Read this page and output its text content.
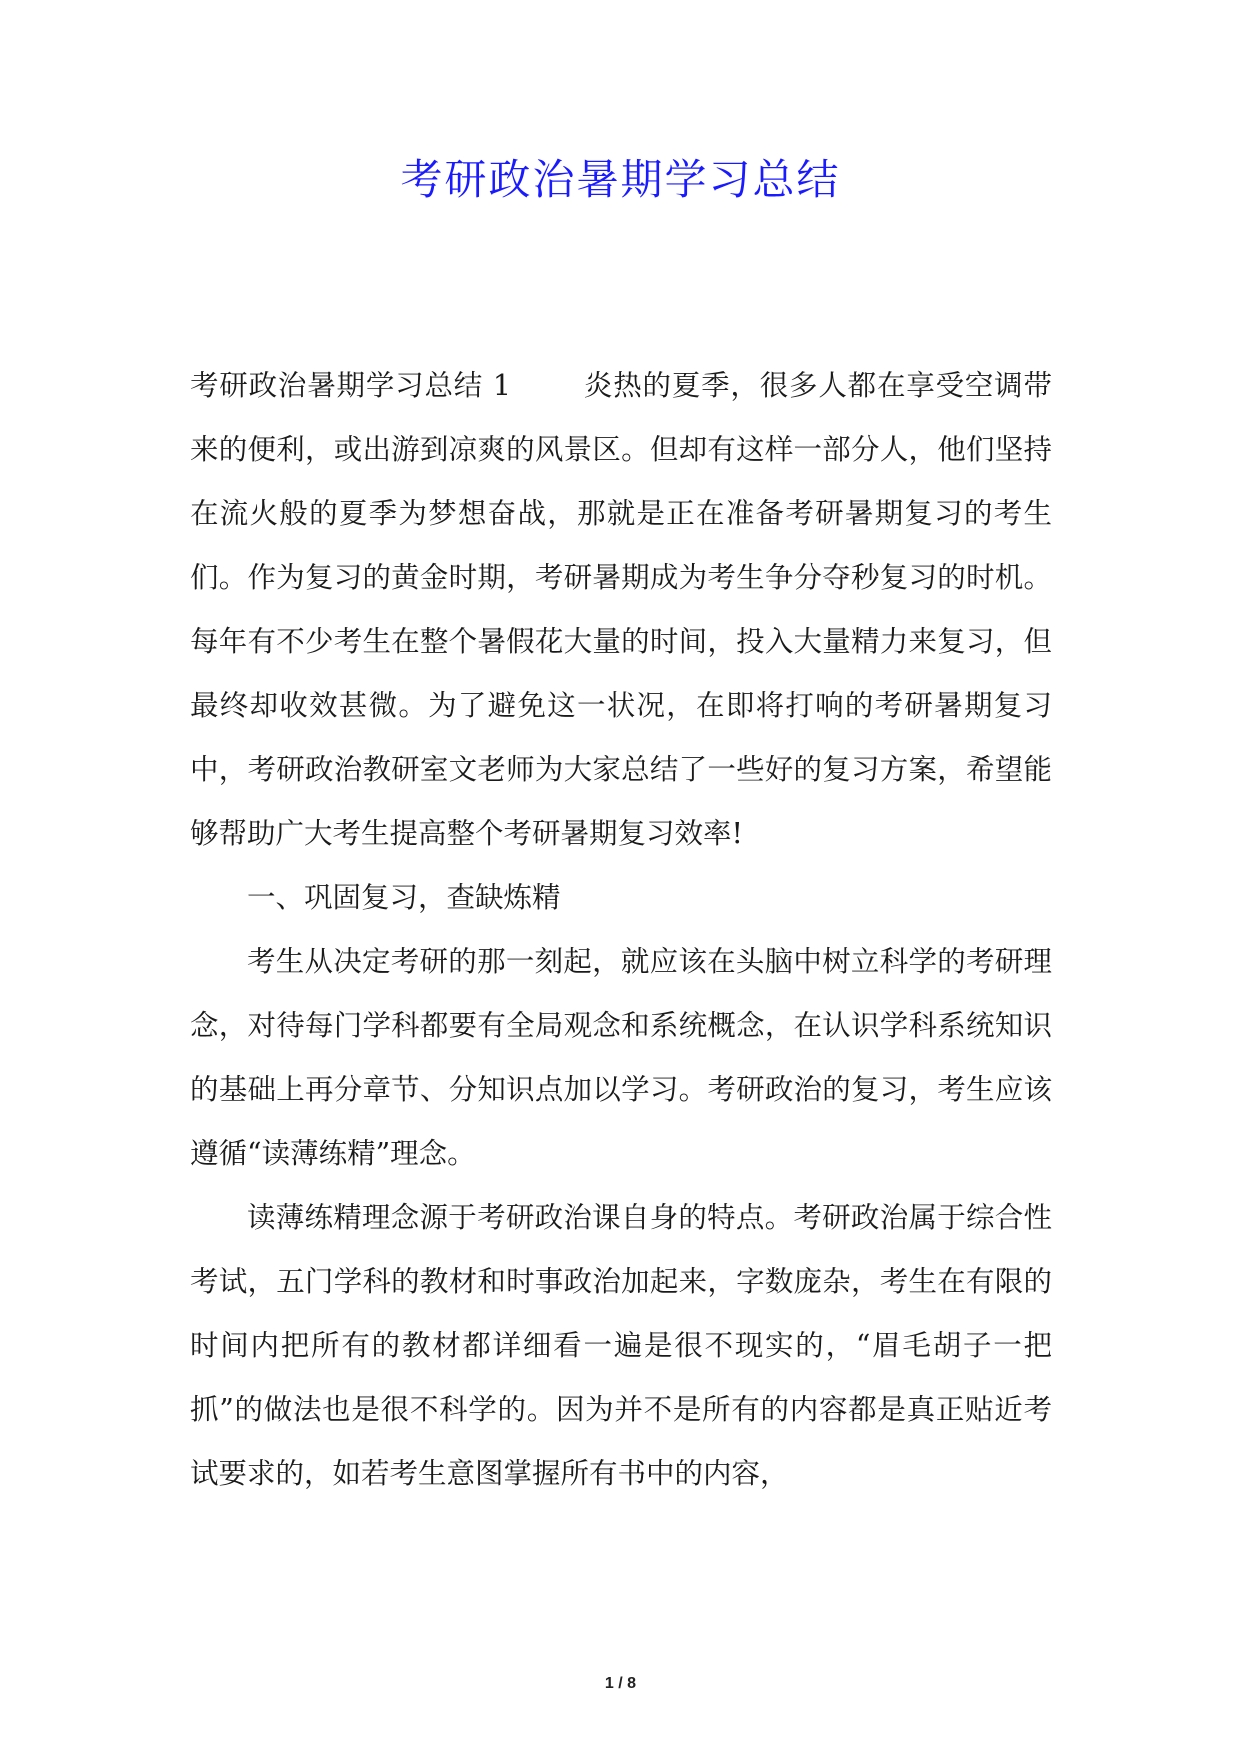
考研政治暑期学习总结

考研政治暑期学习总结 1	炎热的夏季，很多人都在享受空调带来的便利，或出游到凉爽的风景区。但却有这样一部分人，他们坚持在流火般的夏季为梦想奋战，那就是正在准备考研暑期复习的考生们。作为复习的黄金时期，考研暑期成为考生争分夺秒复习的时机。每年有不少考生在整个暑假花大量的时间，投入大量精力来复习，但最终却收效甚微。为了避免这一状况，在即将打响的考研暑期复习中，考研政治教研室文老师为大家总结了一些好的复习方案，希望能够帮助广大考生提高整个考研暑期复习效率!

一、巩固复习，查缺炼精

考生从决定考研的那一刻起，就应该在头脑中树立科学的考研理念，对待每门学科都要有全局观念和系统概念，在认识学科系统知识的基础上再分章节、分知识点加以学习。考研政治的复习，考生应该遵循“读薄练精”理念。

读薄练精理念源于考研政治课自身的特点。考研政治属于综合性考试，五门学科的教材和时事政治加起来，字数庞杂，考生在有限的时间内把所有的教材都详细看一遍是很不现实的，“眉毛胡子一把抓”的做法也是很不科学的。因为并不是所有的内容都是真正贴近考试要求的，如若考生意图掌握所有书中的内容，

1 / 8
